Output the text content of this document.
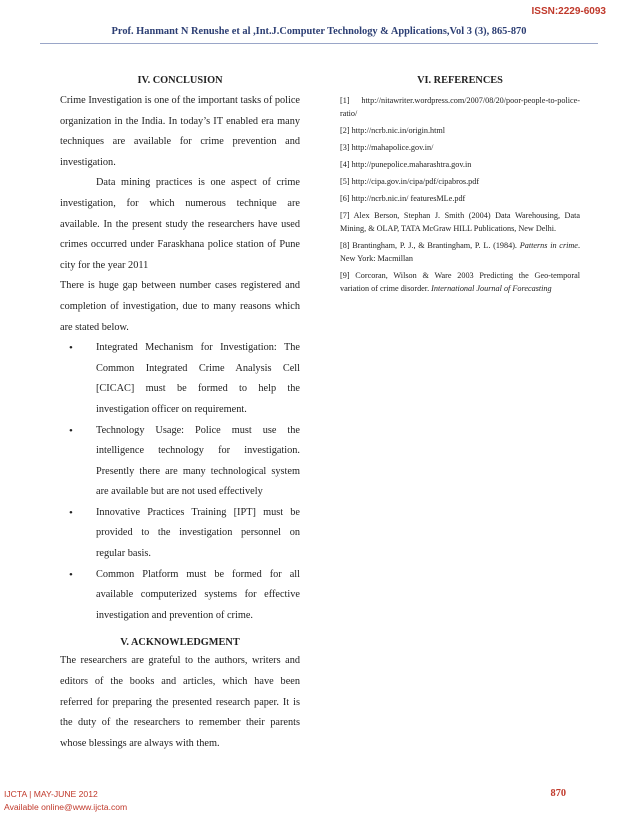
ISSN:2229-6093
Prof. Hanmant N Renushe et al ,Int.J.Computer Technology & Applications,Vol 3 (3), 865-870
IV. CONCLUSION

Crime Investigation is one of the important tasks of police organization in the India. In today’s IT enabled era many techniques are available for crime prevention and investigation.

Data mining practices is one aspect of crime investigation, for which numerous technique are available. In the present study the researchers have used crimes occurred under Faraskhana police station of Pune city for the year 2011

There is huge gap between number cases registered and completion of investigation, due to many reasons which are stated below.

• Integrated Mechanism for Investigation: The Common Integrated Crime Analysis Cell [CICAC] must be formed to help the investigation officer on requirement.
• Technology Usage: Police must use the intelligence technology for investigation. Presently there are many technological system are available but are not used effectively
• Innovative Practices Training [IPT] must be provided to the investigation personnel on regular basis.
• Common Platform must be formed for all available computerized systems for effective investigation and prevention of crime.
V. ACKNOWLEDGMENT

The researchers are grateful to the authors, writers and editors of the books and articles, which have been referred for preparing the presented research paper. It is the duty of the researchers to remember their parents whose blessings are always with them.

VI. REFERENCES

[1] http://nitawriter.wordpress.com/2007/08/20/poor-people-to-police-ratio/

[2] http://ncrb.nic.in/origin.html

[3] http://mahapolice.gov.in/

[4] http://punepolice.maharashtra.gov.in

[5] http://cipa.gov.in/cipa/pdf/cipabros.pdf

[6] http://ncrb.nic.in/ featuresMLe.pdf

[7] Alex Berson, Stephan J. Smith (2004) Data Warehousing, Data Mining, & OLAP, TATA McGraw HILL Publications, New Delhi.

[8] Brantingham, P. J., & Brantingham, P. L. (1984). Patterns in crime. New York: Macmillan

[9] Corcoran, Wilson & Ware 2003 Predicting the Geo-temporal variation of crime disorder. International Journal of Forecasting

IJCTA | MAY-JUNE 2012
Available online@www.ijcta.com
870
